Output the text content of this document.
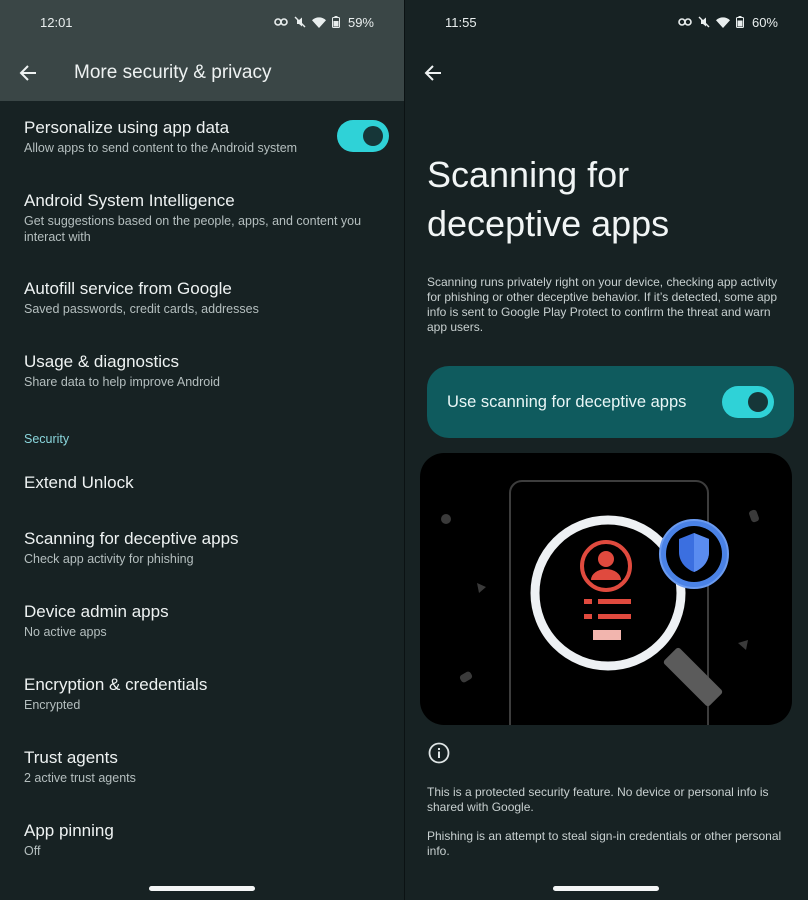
12:01	59%
More security & privacy
Personalize using app data
Allow apps to send content to the Android system
Android System Intelligence
Get suggestions based on the people, apps, and content you interact with
Autofill service from Google
Saved passwords, credit cards, addresses
Usage & diagnostics
Share data to help improve Android
Security
Extend Unlock
Scanning for deceptive apps
Check app activity for phishing
Device admin apps
No active apps
Encryption & credentials
Encrypted
Trust agents
2 active trust agents
App pinning
Off
11:55	60%
Scanning for
deceptive apps
Scanning runs privately right on your device, checking app activity for phishing or other deceptive behavior. If it’s detected, some app info is sent to Google Play Protect to confirm the threat and warn app users.
Use scanning for deceptive apps
This is a protected security feature. No device or personal info is shared with Google.
Phishing is an attempt to steal sign-in credentials or other personal info.
